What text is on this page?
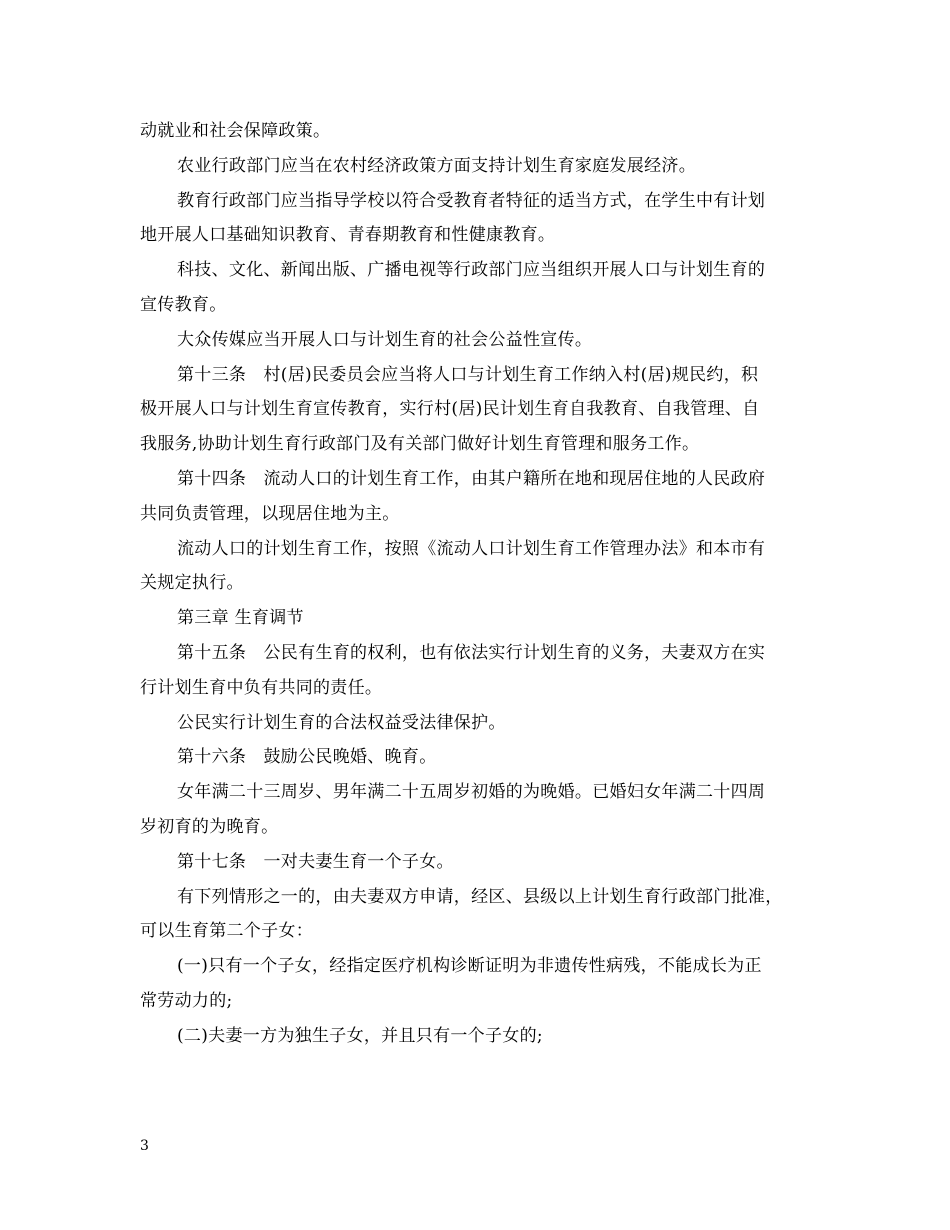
动就业和社会保障政策。

农业行政部门应当在农村经济政策方面支持计划生育家庭发展经济。

教育行政部门应当指导学校以符合受教育者特征的适当方式，在学生中有计划
地开展人口基础知识教育、青春期教育和性健康教育。

科技、文化、新闻出版、广播电视等行政部门应当组织开展人口与计划生育的
宣传教育。

大众传媒应当开展人口与计划生育的社会公益性宣传。

第十三条　村(居)民委员会应当将人口与计划生育工作纳入村(居)规民约，积
极开展人口与计划生育宣传教育，实行村(居)民计划生育自我教育、自我管理、自
我服务,协助计划生育行政部门及有关部门做好计划生育管理和服务工作。

第十四条　流动人口的计划生育工作，由其户籍所在地和现居住地的人民政府
共同负责管理，以现居住地为主。

流动人口的计划生育工作，按照《流动人口计划生育工作管理办法》和本市有
关规定执行。

第三章 生育调节

第十五条　公民有生育的权利，也有依法实行计划生育的义务，夫妻双方在实
行计划生育中负有共同的责任。

公民实行计划生育的合法权益受法律保护。

第十六条　鼓励公民晚婚、晚育。

女年满二十三周岁、男年满二十五周岁初婚的为晚婚。已婚妇女年满二十四周
岁初育的为晚育。

第十七条　一对夫妻生育一个子女。

有下列情形之一的，由夫妻双方申请，经区、县级以上计划生育行政部门批准，
可以生育第二个子女：

(一)只有一个子女，经指定医疗机构诊断证明为非遗传性病残，不能成长为正
常劳动力的;

(二)夫妻一方为独生子女，并且只有一个子女的;

3
